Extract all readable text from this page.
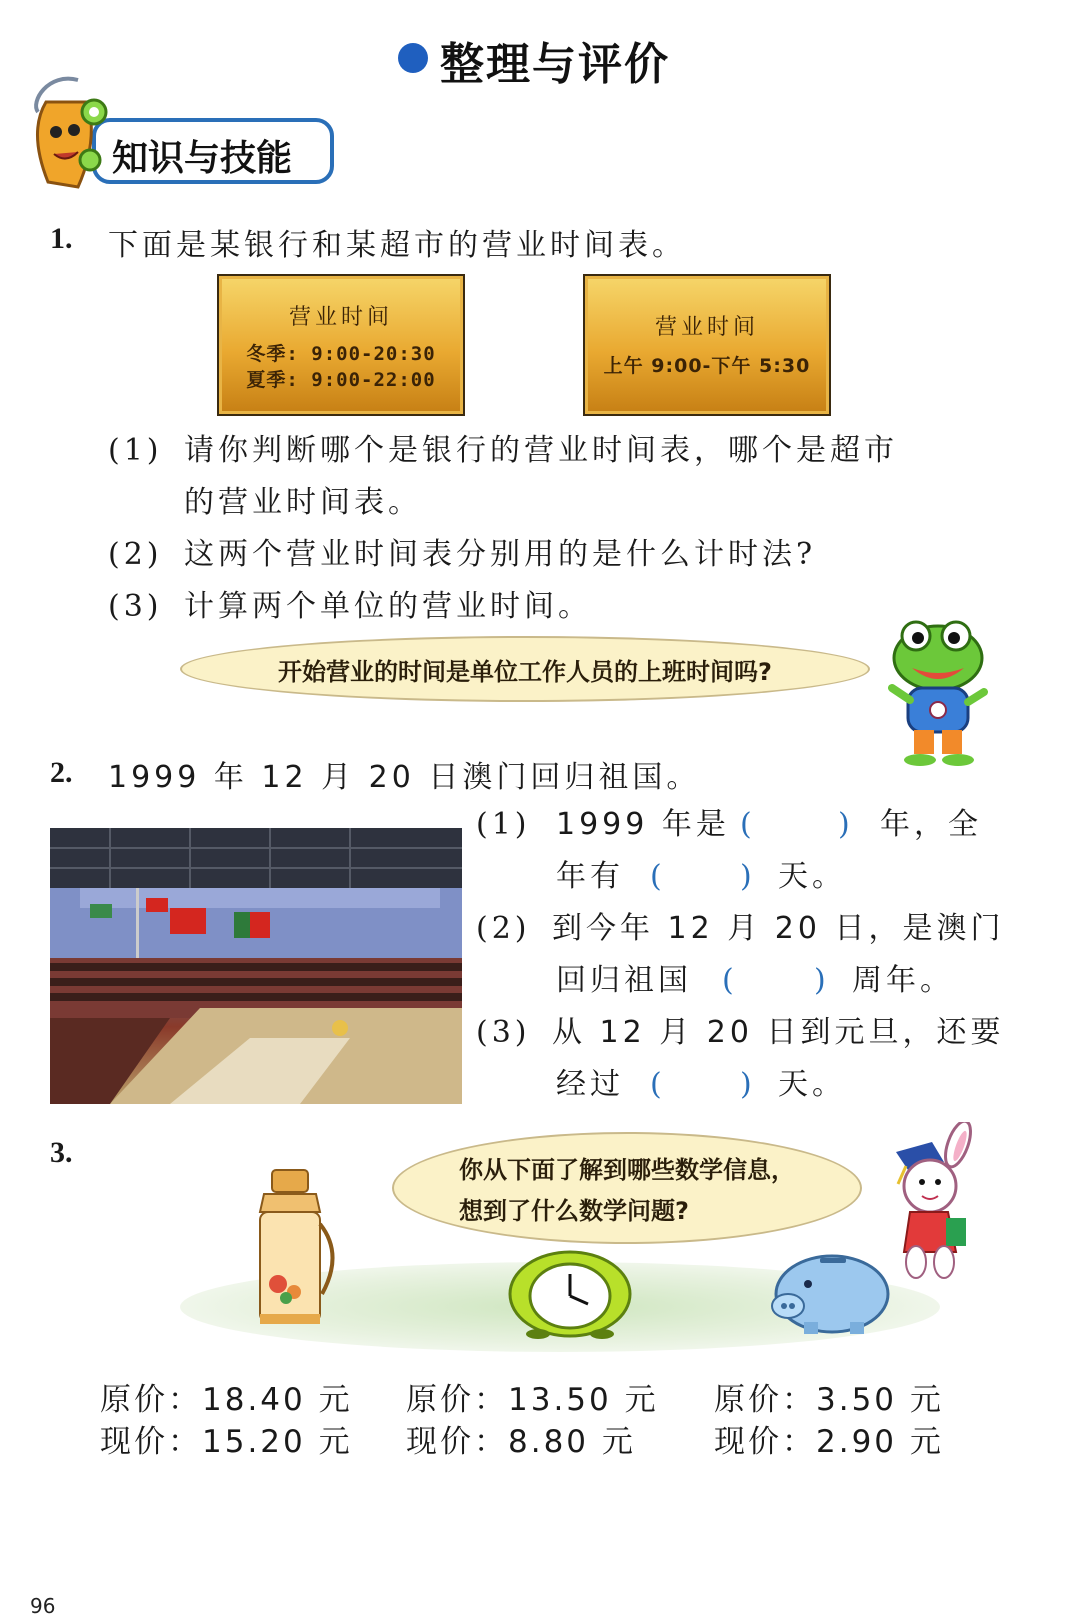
整理与评价
知识与技能
1. 下面是某银行和某超市的营业时间表。
营业时间
冬季: 9:00-20:30
夏季: 9:00-22:00
营业时间
上午 9:00-下午 5:30
(1) 请你判断哪个是银行的营业时间表，哪个是超市
的营业时间表。
(2) 这两个营业时间表分别用的是什么计时法?
(3) 计算两个单位的营业时间。
开始营业的时间是单位工作人员的上班时间吗?
2. 1999 年 12 月 20 日澳门回归祖国。
(1) 1999 年是 (	) 年，全
年有 ( ) 天。
(2) 到今年 12 月 20 日，是澳门
回归祖国 (	) 周年。
(3) 从 12 月 20 日到元旦，还要
经过 ( ) 天。
3.
你从下面了解到哪些数学信息，
想到了什么数学问题?
原价：18.40 元
现价：15.20 元
原价：13.50 元
现价：8.80 元
原价：3.50 元
现价：2.90 元
96
